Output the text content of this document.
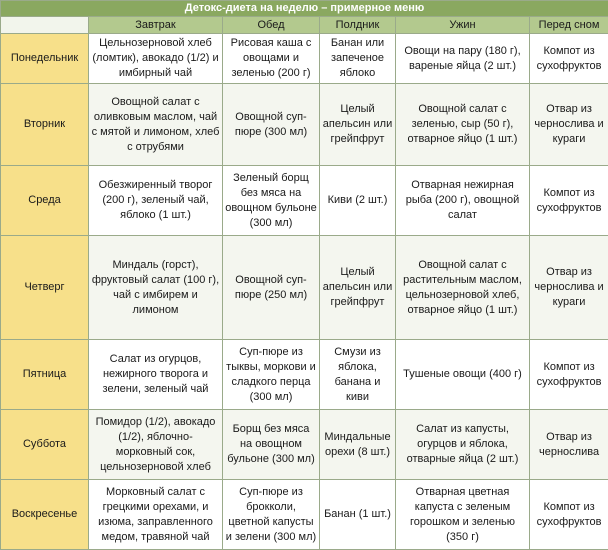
Детокс-диета на неделю – примерное меню					
	Завтрак	Обед	Полдник	Ужин	Перед сном
Понедельник	Цельнозерновой хлеб (ломтик), авокадо (1/2) и имбирный чай	Рисовая каша с овощами и зеленью (200 г)	Банан или запеченое яблоко	Овощи на пару (180 г), вареные яйца (2 шт.)	Компот из сухофруктов
Вторник	Овощной салат с оливковым маслом, чай с мятой и лимоном, хлеб с отрубями	Овощной суп-пюре (300 мл)	Целый апельсин или грейпфрут	Овощной салат с зеленью, сыр (50 г), отварное яйцо (1 шт.)	Отвар из чернослива и кураги
Среда	Обезжиренный творог (200 г), зеленый чай, яблоко (1 шт.)	Зеленый борщ без мяса на овощном бульоне (300 мл)	Киви (2 шт.)	Отварная нежирная рыба (200 г), овощной салат	Компот из сухофруктов
Четверг	Миндаль (горст), фруктовый салат (100 г), чай с имбирем и лимоном	Овощной суп-пюре (250 мл)	Целый апельсин или грейпфрут	Овощной салат с растительным маслом, цельнозерновой хлеб, отварное яйцо (1 шт.)	Отвар из чернослива и кураги
Пятница	Салат из огурцов, нежирного творога и зелени, зеленый чай	Суп-пюре из тыквы, моркови и сладкого перца (300 мл)	Смузи из яблока, банана и киви	Тушеные овощи (400 г)	Компот из сухофруктов
Суббота	Помидор (1/2), авокадо (1/2), яблочно-морковный сок, цельнозерновой хлеб	Борщ без мяса на овощном бульоне (300 мл)	Миндальные орехи (8 шт.)	Салат из капусты, огурцов и яблока, отварные яйца (2 шт.)	Отвар из чернослива
Воскресенье	Морковный салат с грецкими орехами, и изюма, заправленного медом, травяной чай	Суп-пюре из брокколи, цветной капусты и зелени (300 мл)	Банан (1 шт.)	Отварная цветная капуста с зеленым горошком и зеленью (350 г)	Компот из сухофруктов
